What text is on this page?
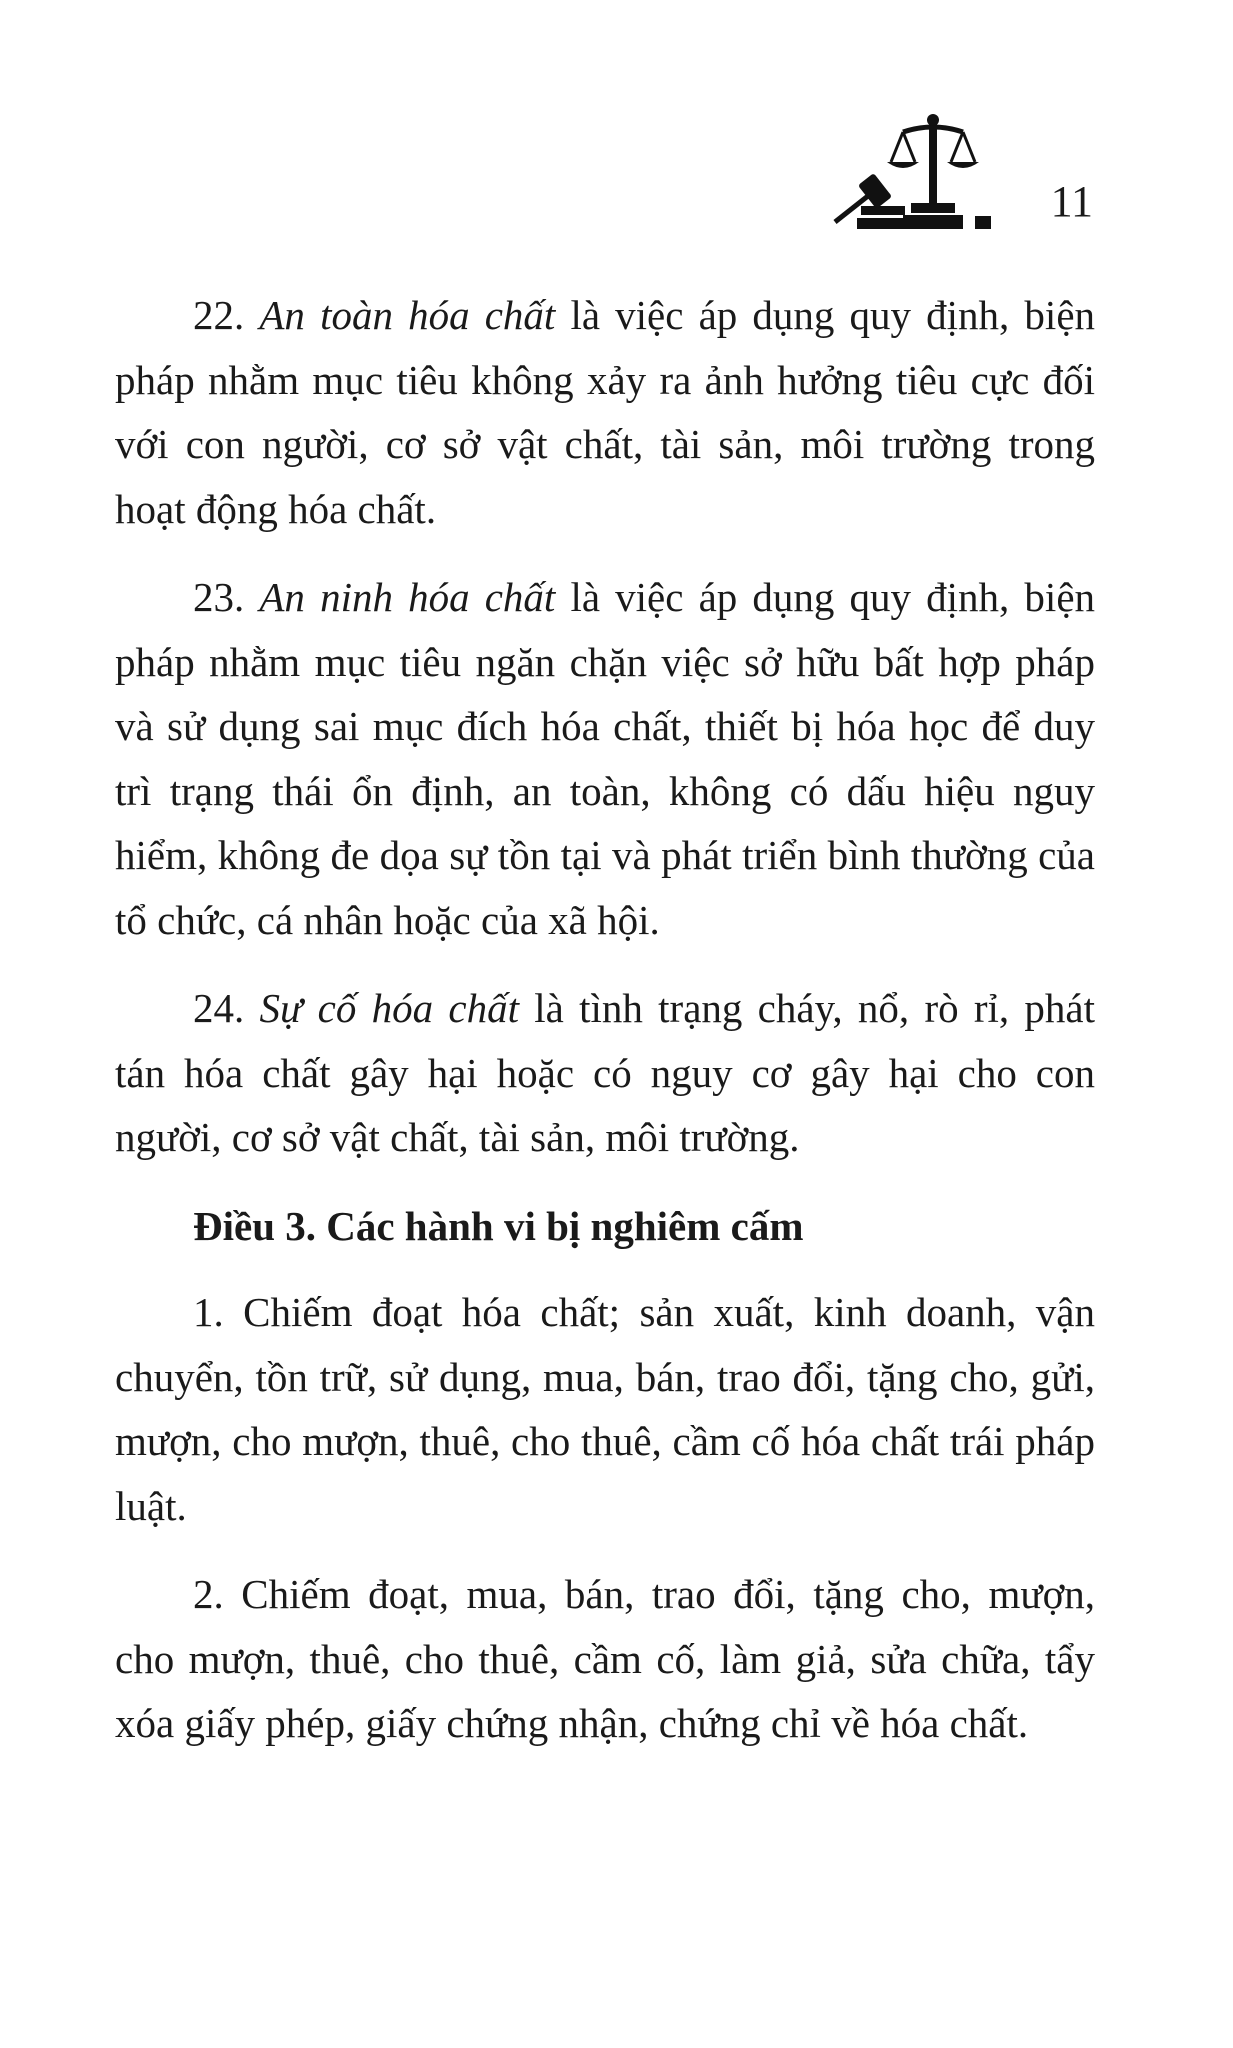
11

22. An toàn hóa chất là việc áp dụng quy định, biện pháp nhằm mục tiêu không xảy ra ảnh hưởng tiêu cực đối với con người, cơ sở vật chất, tài sản, môi trường trong hoạt động hóa chất.

23. An ninh hóa chất là việc áp dụng quy định, biện pháp nhằm mục tiêu ngăn chặn việc sở hữu bất hợp pháp và sử dụng sai mục đích hóa chất, thiết bị hóa học để duy trì trạng thái ổn định, an toàn, không có dấu hiệu nguy hiểm, không đe dọa sự tồn tại và phát triển bình thường của tổ chức, cá nhân hoặc của xã hội.

24. Sự cố hóa chất là tình trạng cháy, nổ, rò rỉ, phát tán hóa chất gây hại hoặc có nguy cơ gây hại cho con người, cơ sở vật chất, tài sản, môi trường.

Điều 3. Các hành vi bị nghiêm cấm

1. Chiếm đoạt hóa chất; sản xuất, kinh doanh, vận chuyển, tồn trữ, sử dụng, mua, bán, trao đổi, tặng cho, gửi, mượn, cho mượn, thuê, cho thuê, cầm cố hóa chất trái pháp luật.

2. Chiếm đoạt, mua, bán, trao đổi, tặng cho, mượn, cho mượn, thuê, cho thuê, cầm cố, làm giả, sửa chữa, tẩy xóa giấy phép, giấy chứng nhận, chứng chỉ về hóa chất.
